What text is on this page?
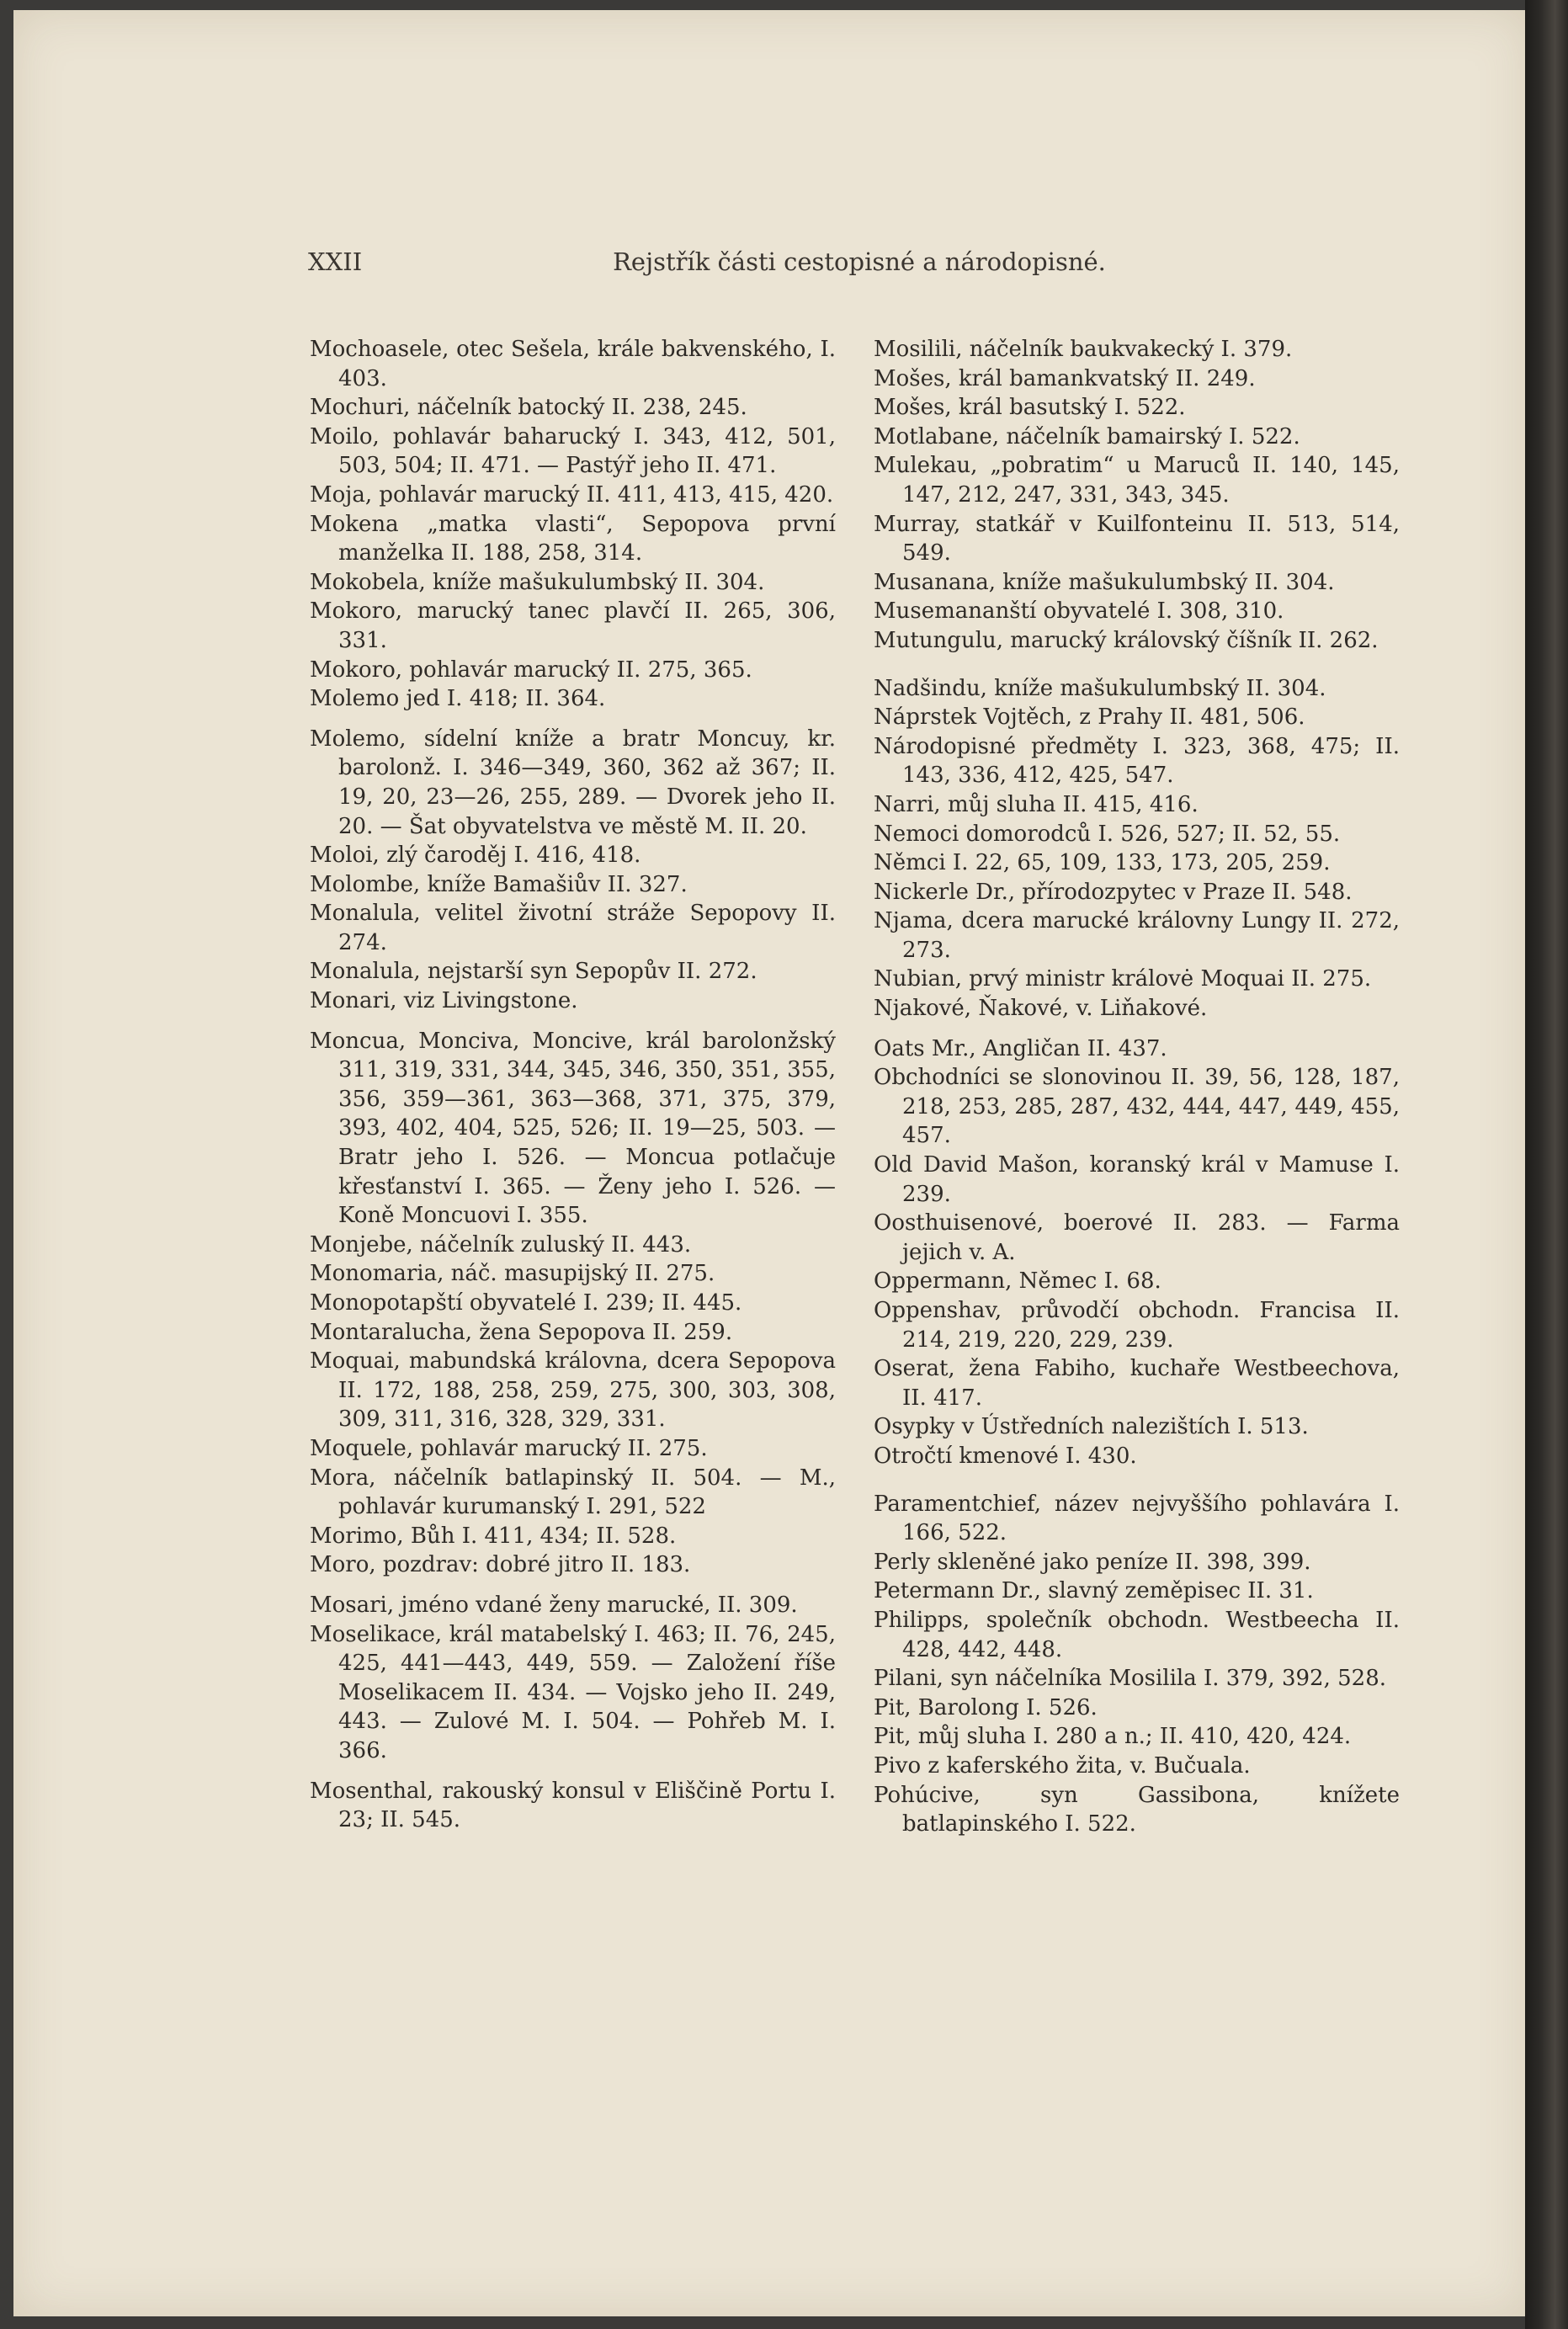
XXII	Rejstřík části cestopisné a národopisné.

Mochoasele, otec Sešela, krále bakvenského, I. 403.

Mochuri, náčelník batocký II. 238, 245.

Moilo, pohlavár baharucký I. 343, 412, 501, 503, 504; II. 471. — Pastýř jeho II. 471.

Moja, pohlavár marucký II. 411, 413, 415, 420.

Mokena „matka vlasti“, Sepopova první manželka II. 188, 258, 314.

Mokobela, kníže mašukulumbský II. 304.

Mokoro, marucký tanec plavčí II. 265, 306, 331.

Mokoro, pohlavár marucký II. 275, 365.

Molemo jed I. 418; II. 364.

Molemo, sídelní kníže a bratr Moncuy, kr. barolonž. I. 346—349, 360, 362 až 367; II. 19, 20, 23—26, 255, 289. — Dvorek jeho II. 20. — Šat obyvatelstva ve městě M. II. 20.

Moloi, zlý čaroděj I. 416, 418.

Molombe, kníže Bamašiův II. 327.

Monalula, velitel životní stráže Sepopovy II. 274.

Monalula, nejstarší syn Sepopův II. 272.

Monari, viz Livingstone.

Moncua, Monciva, Moncive, král barolonžský 311, 319, 331, 344, 345, 346, 350, 351, 355, 356, 359—361, 363—368, 371, 375, 379, 393, 402, 404, 525, 526; II. 19—25, 503. — Bratr jeho I. 526. — Moncua potlačuje křesťanství I. 365. — Ženy jeho I. 526. — Koně Moncuovi I. 355.

Monjebe, náčelník zuluský II. 443.

Monomaria, náč. masupijský II. 275.

Monopotapští obyvatelé I. 239; II. 445.

Montaralucha, žena Sepopova II. 259.

Moquai, mabundská královna, dcera Sepopova II. 172, 188, 258, 259, 275, 300, 303, 308, 309, 311, 316, 328, 329, 331.

Moquele, pohlavár marucký II. 275.

Mora, náčelník batlapinský II. 504. — M., pohlavár kurumanský I. 291, 522

Morimo, Bůh I. 411, 434; II. 528.

Moro, pozdrav: dobré jitro II. 183.

Mosari, jméno vdané ženy marucké, II. 309.

Moselikace, král matabelský I. 463; II. 76, 245, 425, 441—443, 449, 559. — Založení říše Moselikacem II. 434. — Vojsko jeho II. 249, 443. — Zulové M. I. 504. — Pohřeb M. I. 366.

Mosenthal, rakouský konsul v Eliščině Portu I. 23; II. 545.

Mosilili, náčelník baukvakecký I. 379.

Mošes, král bamankvatský II. 249.

Mošes, král basutský I. 522.

Motlabane, náčelník bamairský I. 522.

Mulekau, „pobratim“ u Maruců II. 140, 145, 147, 212, 247, 331, 343, 345.

Murray, statkář v Kuilfonteinu II. 513, 514, 549.

Musanana, kníže mašukulumbský II. 304.

Musemananští obyvatelé I. 308, 310.

Mutungulu, marucký královský číšník II. 262.

Nadšindu, kníže mašukulumbský II. 304.

Náprstek Vojtěch, z Prahy II. 481, 506.

Národopisné předměty I. 323, 368, 475; II. 143, 336, 412, 425, 547.

Narri, můj sluha II. 415, 416.

Nemoci domorodců I. 526, 527; II. 52, 55.

Němci I. 22, 65, 109, 133, 173, 205, 259.

Nickerle Dr., přírodozpytec v Praze II. 548.

Njama, dcera marucké královny Lungy II. 272, 273.

Nubian, prvý ministr královė Moquai II. 275.

Njakové, Ňakové, v. Liňakové.

Oats Mr., Angličan II. 437.

Obchodníci se slonovinou II. 39, 56, 128, 187, 218, 253, 285, 287, 432, 444, 447, 449, 455, 457.

Old David Mašon, koranský král v Mamuse I. 239.

Oosthuisenové, boerové II. 283. — Farma jejich v. A.

Oppermann, Němec I. 68.

Oppenshav, průvodčí obchodn. Francisa II. 214, 219, 220, 229, 239.

Oserat, žena Fabiho, kuchaře Westbeechova, II. 417.

Osypky v Ústředních nalezištích I. 513.

Otročtí kmenové I. 430.

Paramentchief, název nejvyššího pohlavára I. 166, 522.

Perly skleněné jako peníze II. 398, 399.

Petermann Dr., slavný zeměpisec II. 31.

Philipps, společník obchodn. Westbeecha II. 428, 442, 448.

Pilani, syn náčelníka Mosilila I. 379, 392, 528.

Pit, Barolong I. 526.

Pit, můj sluha I. 280 a n.; II. 410, 420, 424.

Pivo z kaferského žita, v. Bučuala.

Pohúcive, syn Gassibona, knížete batlapinského I. 522.
